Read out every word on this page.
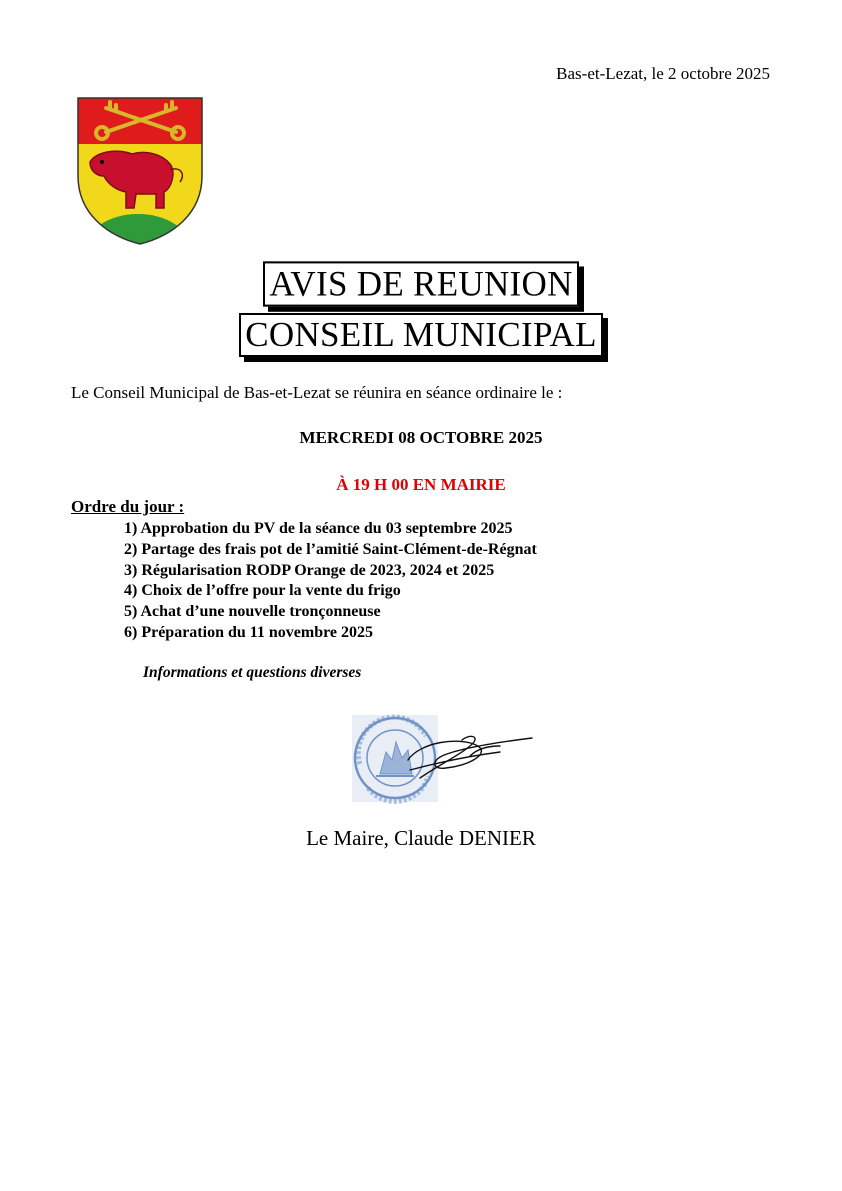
Bas-et-Lezat, le 2 octobre 2025
AVIS DE REUNION
CONSEIL MUNICIPAL
Le Conseil Municipal de Bas-et-Lezat se réunira en séance ordinaire le :
MERCREDI 08 OCTOBRE 2025
À 19 H 00 EN MAIRIE
Ordre du jour :
1) Approbation du PV de la séance du 03 septembre 2025
2) Partage des frais pot de l’amitié Saint-Clément-de-Régnat
3) Régularisation RODP Orange de 2023, 2024 et 2025
4) Choix de l’offre pour la vente du frigo
5) Achat d’une nouvelle tronçonneuse
6) Préparation du 11 novembre 2025
Informations et questions diverses
Le Maire, Claude DENIER
